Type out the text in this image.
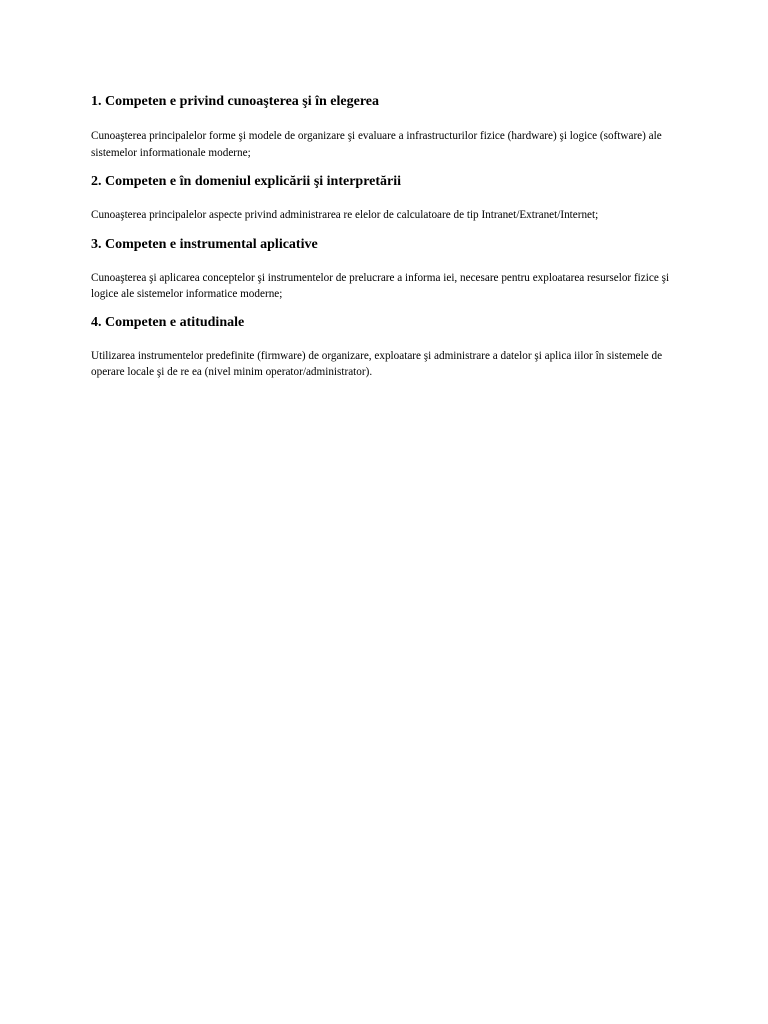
1. Competen e privind cunoaşterea şi în elegerea

Cunoaşterea principalelor forme şi modele de organizare şi evaluare a infrastructurilor fizice (hardware) şi logice (software) ale sistemelor informationale moderne;

2. Competen e în domeniul explicării şi interpretării

Cunoaşterea principalelor aspecte privind administrarea re elelor de calculatoare de tip Intranet/Extranet/Internet;

3. Competen e instrumental aplicative

Cunoaşterea şi aplicarea conceptelor şi instrumentelor de prelucrare a informa iei, necesare pentru exploatarea resurselor fizice şi logice ale sistemelor informatice moderne;

4. Competen e atitudinale

Utilizarea instrumentelor predefinite (firmware) de organizare, exploatare şi administrare a datelor şi aplica iilor în sistemele de operare locale şi de re ea (nivel minim operator/administrator).
